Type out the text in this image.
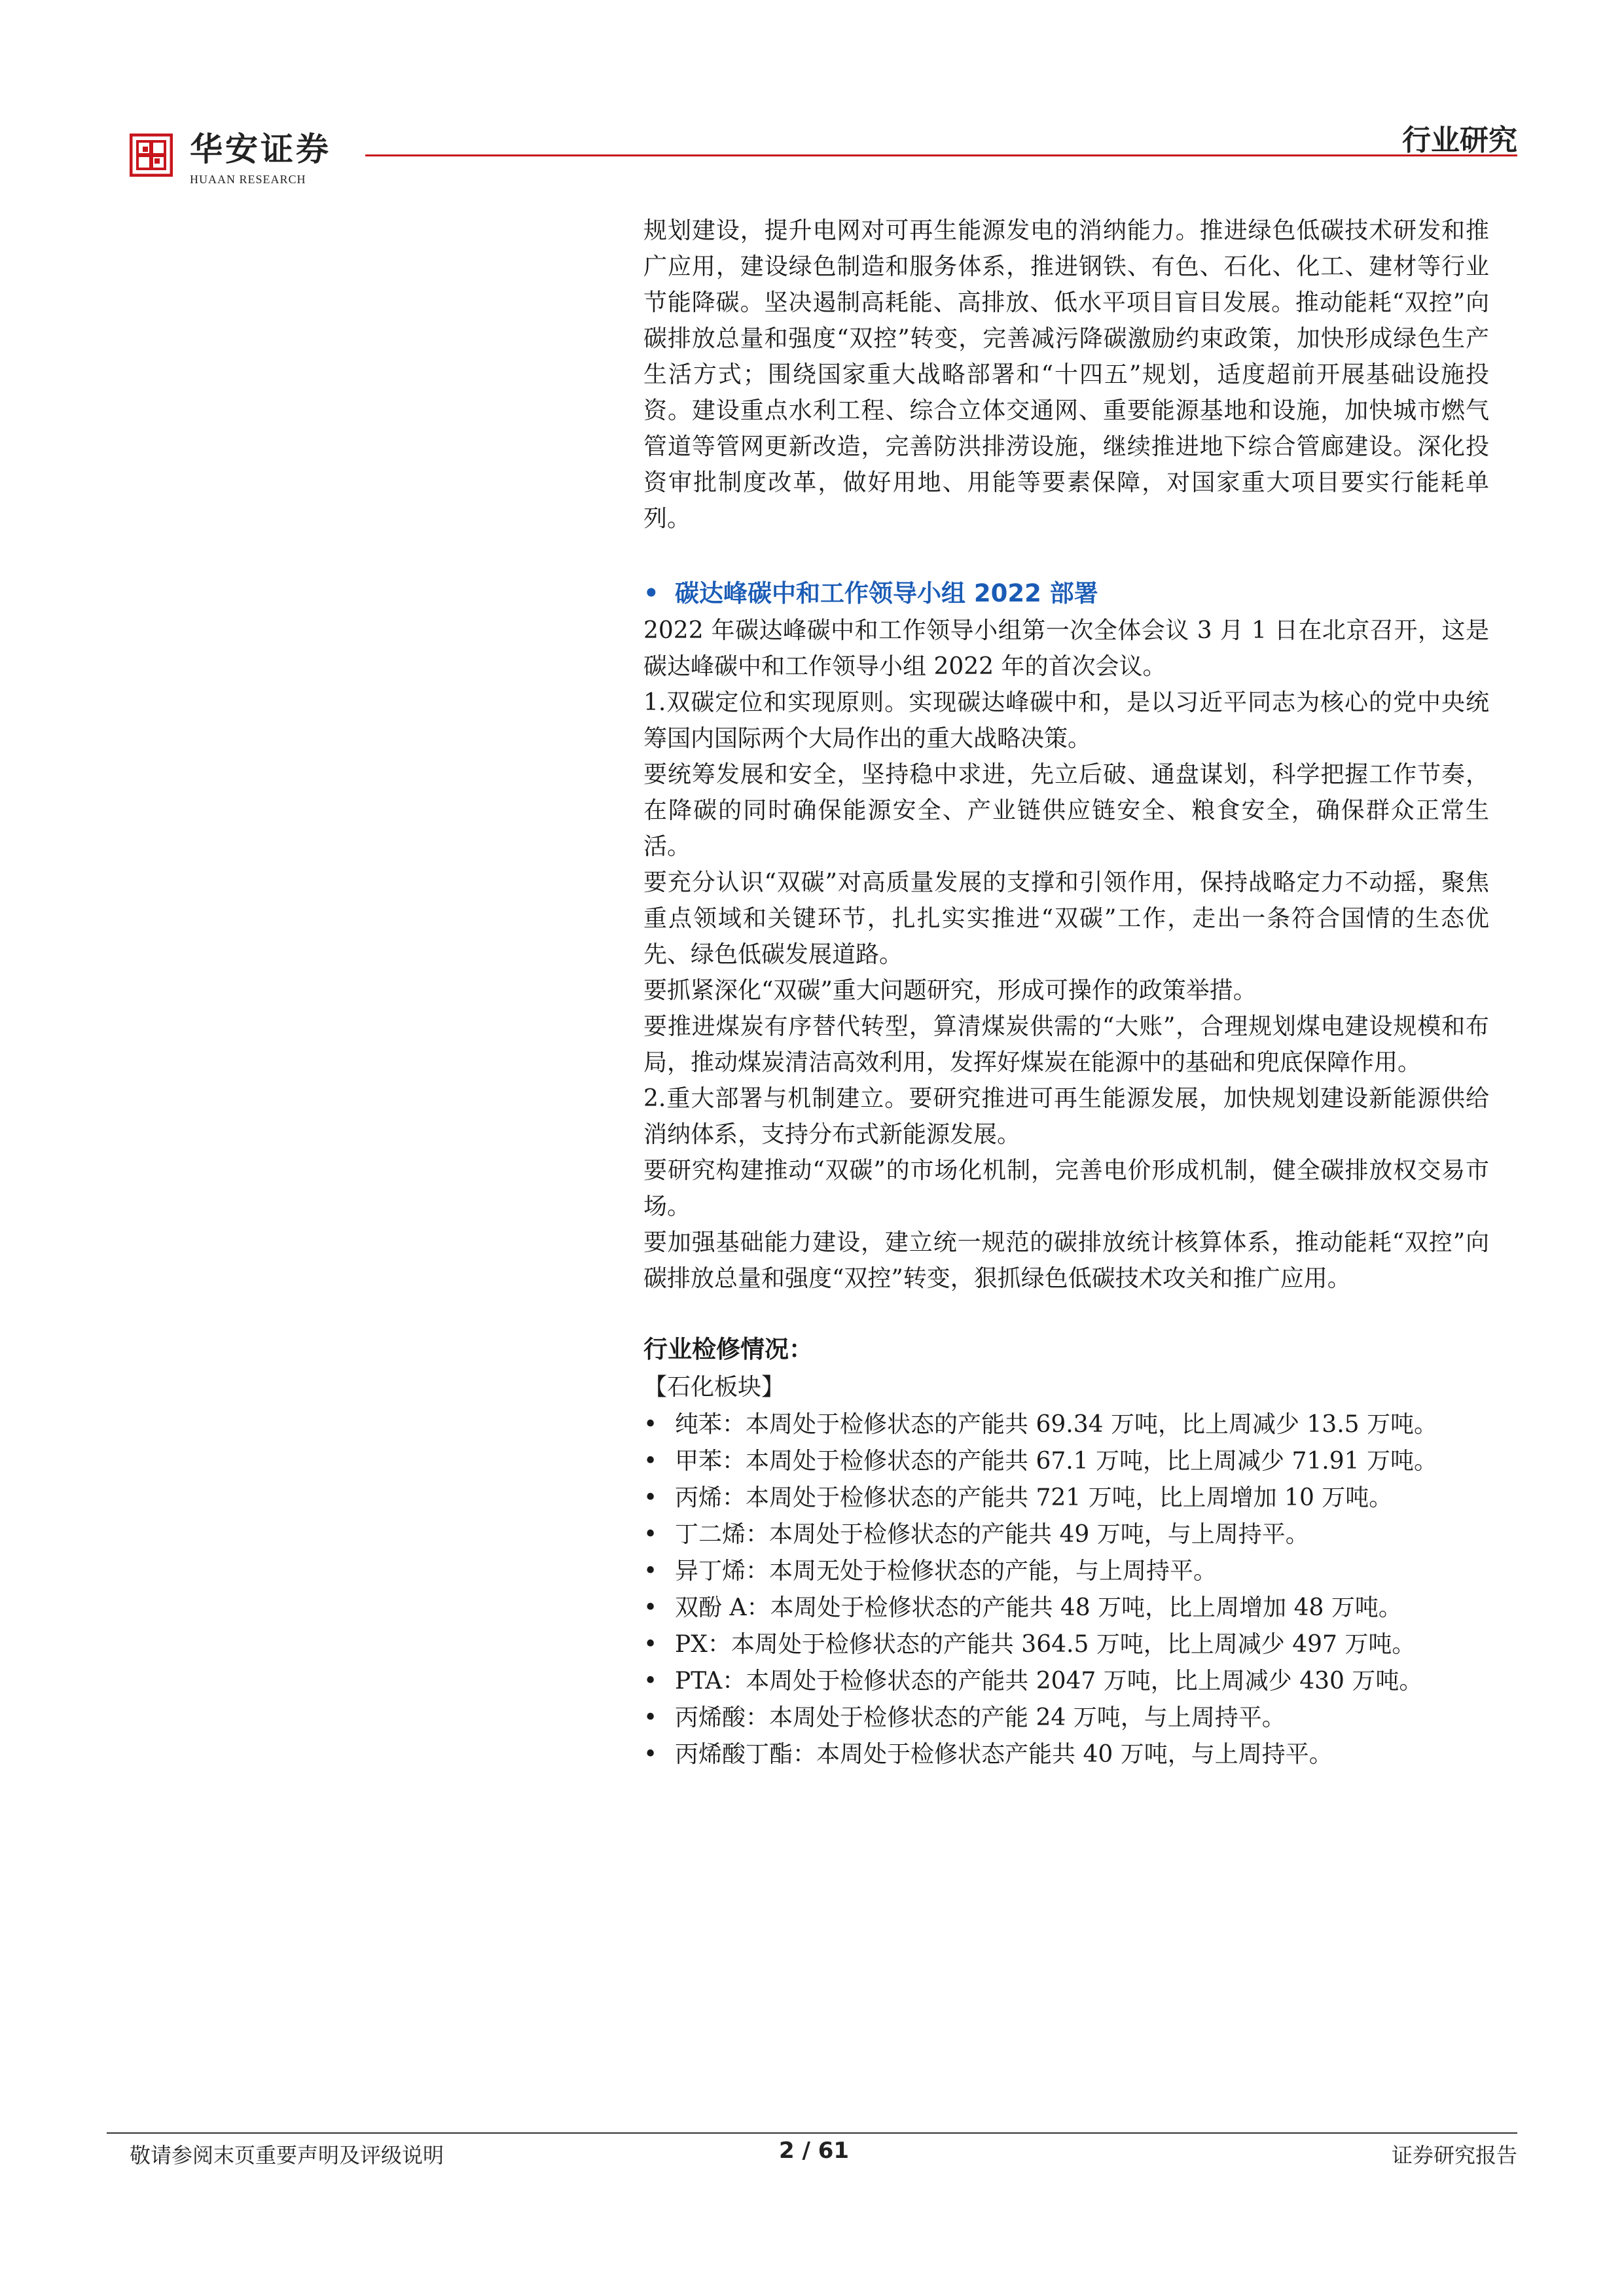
华安证券
HUAAN RESEARCH
行业研究

规划建设，提升电网对可再生能源发电的消纳能力。推进绿色低碳技术研发和推广应用，建设绿色制造和服务体系，推进钢铁、有色、石化、化工、建材等行业节能降碳。坚决遏制高耗能、高排放、低水平项目盲目发展。推动能耗“双控”向碳排放总量和强度“双控”转变，完善减污降碳激励约束政策，加快形成绿色生产生活方式；围绕国家重大战略部署和“十四五”规划，适度超前开展基础设施投资。建设重点水利工程、综合立体交通网、重要能源基地和设施，加快城市燃气管道等管网更新改造，完善防洪排涝设施，继续推进地下综合管廊建设。深化投资审批制度改革，做好用地、用能等要素保障，对国家重大项目要实行能耗单列。

• 碳达峰碳中和工作领导小组 2022 部署

2022 年碳达峰碳中和工作领导小组第一次全体会议 3 月 1 日在北京召开，这是碳达峰碳中和工作领导小组 2022 年的首次会议。

1.双碳定位和实现原则。实现碳达峰碳中和，是以习近平同志为核心的党中央统筹国内国际两个大局作出的重大战略决策。

要统筹发展和安全，坚持稳中求进，先立后破、通盘谋划，科学把握工作节奏，在降碳的同时确保能源安全、产业链供应链安全、粮食安全，确保群众正常生活。

要充分认识“双碳”对高质量发展的支撑和引领作用，保持战略定力不动摇，聚焦重点领域和关键环节，扎扎实实推进“双碳”工作，走出一条符合国情的生态优先、绿色低碳发展道路。

要抓紧深化“双碳”重大问题研究，形成可操作的政策举措。

要推进煤炭有序替代转型，算清煤炭供需的“大账”，合理规划煤电建设规模和布局，推动煤炭清洁高效利用，发挥好煤炭在能源中的基础和兜底保障作用。

2.重大部署与机制建立。要研究推进可再生能源发展，加快规划建设新能源供给消纳体系，支持分布式新能源发展。

要研究构建推动“双碳”的市场化机制，完善电价形成机制，健全碳排放权交易市场。

要加强基础能力建设，建立统一规范的碳排放统计核算体系，推动能耗“双控”向碳排放总量和强度“双控”转变，狠抓绿色低碳技术攻关和推广应用。

行业检修情况：
【石化板块】
• 纯苯：本周处于检修状态的产能共 69.34 万吨，比上周减少 13.5 万吨。
• 甲苯：本周处于检修状态的产能共 67.1 万吨，比上周减少 71.91 万吨。
• 丙烯：本周处于检修状态的产能共 721 万吨，比上周增加 10 万吨。
• 丁二烯：本周处于检修状态的产能共 49 万吨，与上周持平。
• 异丁烯：本周无处于检修状态的产能，与上周持平。
• 双酚 A：本周处于检修状态的产能共 48 万吨，比上周增加 48 万吨。
• PX：本周处于检修状态的产能共 364.5 万吨，比上周减少 497 万吨。
• PTA：本周处于检修状态的产能共 2047 万吨，比上周减少 430 万吨。
• 丙烯酸：本周处于检修状态的产能 24 万吨，与上周持平。
• 丙烯酸丁酯：本周处于检修状态产能共 40 万吨，与上周持平。
敬请参阅末页重要声明及评级说明	2 / 61	证券研究报告
